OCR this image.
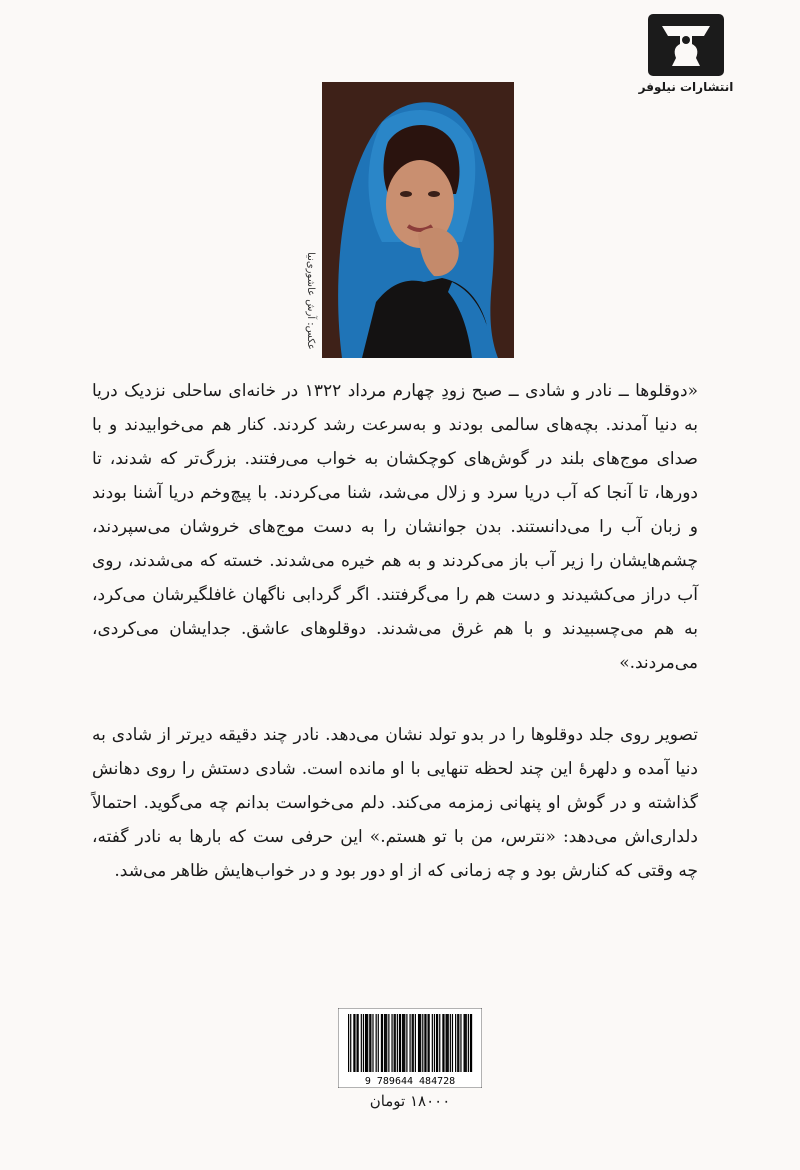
انتشارات نیلوفر
عکس: آرش عاشوری‌نیا
«دوقلوها ــ نادر و شادی ــ صبح زودِ چهارم مرداد ۱۳۲۲ در خانه‌ای ساحلی نزدیک دریا به دنیا آمدند. بچه‌های سالمی بودند و به‌سرعت رشد کردند. کنار هم می‌خوابیدند و با صدای موج‌های بلند در گوش‌های کوچکشان به خواب می‌رفتند. بزرگ‌تر که شدند، تا دورها، تا آنجا که آب دریا سرد و زلال می‌شد، شنا می‌کردند. با پیچ‌وخم دریا آشنا بودند و زبان آب را می‌دانستند. بدن جوانشان را به دست موج‌های خروشان می‌سپردند، چشم‌هایشان را زیر آب باز می‌کردند و به هم خیره می‌شدند. خسته که می‌شدند، روی آب دراز می‌کشیدند و دست هم را می‌گرفتند. اگر گردابی ناگهان غافلگیرشان می‌کرد، به هم می‌چسبیدند و با هم غرق می‌شدند. دوقلوهای عاشق. جدایشان می‌کردی، می‌مردند.»
تصویر روی جلد دوقلوها را در بدو تولد نشان می‌دهد. نادر چند دقیقه دیرتر از شادی به دنیا آمده و دلهرهٔ این چند لحظه تنهایی با او مانده است. شادی دستش را روی دهانش گذاشته و در گوش او پنهانی زمزمه می‌کند. دلم می‌خواست بدانم چه می‌گوید. احتمالاً دلداری‌اش می‌دهد: «نترس، من با تو هستم.» این حرفی ست که بارها به نادر گفته، چه وقتی که کنارش بود و چه زمانی که از او دور بود و در خواب‌هایش ظاهر می‌شد.
9 789644 484728
۱۸۰۰۰ تومان
